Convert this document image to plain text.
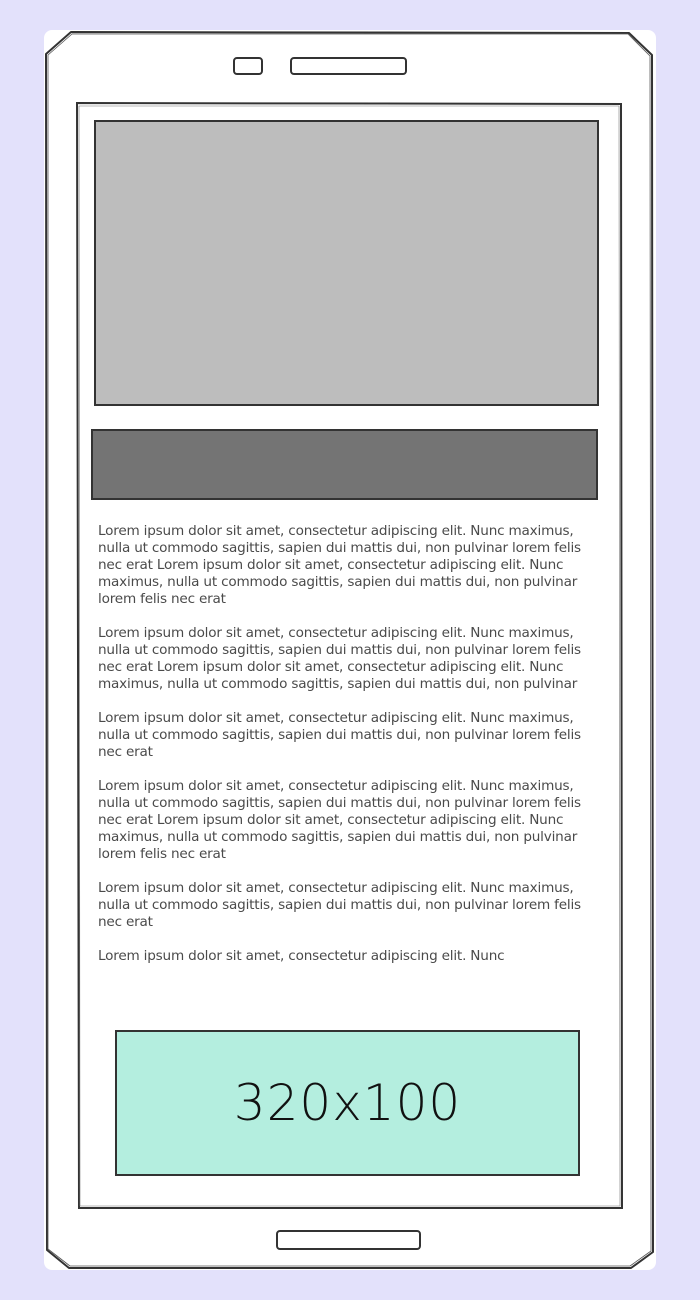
Lorem ipsum dolor sit amet, consectetur adipiscing elit. Nunc maximus, nulla ut commodo sagittis, sapien dui mattis dui, non pulvinar lorem felis nec erat Lorem ipsum dolor sit amet, consectetur adipiscing elit. Nunc maximus, nulla ut commodo sagittis, sapien dui mattis dui, non pulvinar lorem felis nec erat

Lorem ipsum dolor sit amet, consectetur adipiscing elit. Nunc maximus, nulla ut commodo sagittis, sapien dui mattis dui, non pulvinar lorem felis nec erat Lorem ipsum dolor sit amet, consectetur adipiscing elit. Nunc maximus, nulla ut commodo sagittis, sapien dui mattis dui, non pulvinar

Lorem ipsum dolor sit amet, consectetur adipiscing elit. Nunc maximus, nulla ut commodo sagittis, sapien dui mattis dui, non pulvinar lorem felis nec erat

Lorem ipsum dolor sit amet, consectetur adipiscing elit. Nunc maximus, nulla ut commodo sagittis, sapien dui mattis dui, non pulvinar lorem felis nec erat Lorem ipsum dolor sit amet, consectetur adipiscing elit. Nunc maximus, nulla ut commodo sagittis, sapien dui mattis dui, non pulvinar lorem felis nec erat

Lorem ipsum dolor sit amet, consectetur adipiscing elit. Nunc maximus, nulla ut commodo sagittis, sapien dui mattis dui, non pulvinar lorem felis nec erat

Lorem ipsum dolor sit amet, consectetur adipiscing elit. Nunc

320x100
